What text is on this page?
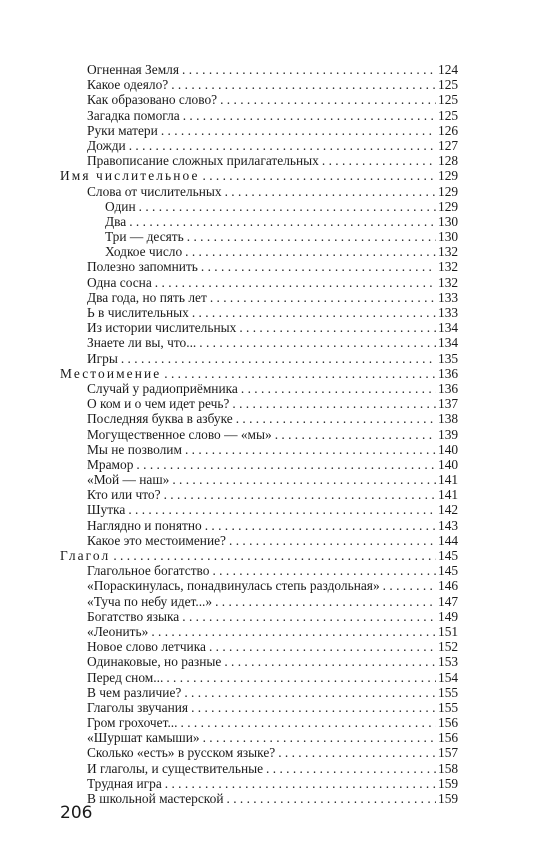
Огненная Земля . . .	124
Какое одеяло? . . .	125
Как образовано слово? . . .	125
Загадка помогла . . .	125
Руки матери . . .	126
Дожди . . .	127
Правописание сложных прилагательных . . .	128
Имя числительное . . .	129
Слова от числительных . . .	129
Один . . .	129
Два . . .	130
Три — десять . . .	130
Ходкое число . . .	132
Полезно запомнить . . .	132
Одна сосна . . .	132
Два года, но пять лет . . .	133
Ь в числительных . . .	133
Из истории числительных . . .	134
Знаете ли вы, что... . . .	134
Игры . . .	135
Местоимение . . .	136
Случай у радиоприёмника . . .	136
О ком и о чем идет речь? . . .	137
Последняя буква в азбуке . . .	138
Могущественное слово — «мы» . . .	139
Мы не позволим . . .	140
Мрамор . . .	140
«Мой — наш» . . .	141
Кто или что? . . .	141
Шутка . . .	142
Наглядно и понятно . . .	143
Какое это местоимение? . . .	144
Глагол . . .	145
Глагольное богатство . . .	145
«Пораскинулась, понадвинулась степь раздольная» . . .	146
«Туча по небу идет...» . . .	147
Богатство языка . . .	149
«Леонить» . . .	151
Новое слово летчика . . .	152
Одинаковые, но разные . . .	153
Перед сном... . . .	154
В чем различие? . . .	155
Глаголы звучания . . .	155
Гром грохочет... . . .	156
«Шуршат камыши» . . .	156
Сколько «есть» в русском языке? . . .	157
И глаголы, и существительные . . .	158
Трудная игра . . .	159
В школьной мастерской . . .	159
206
